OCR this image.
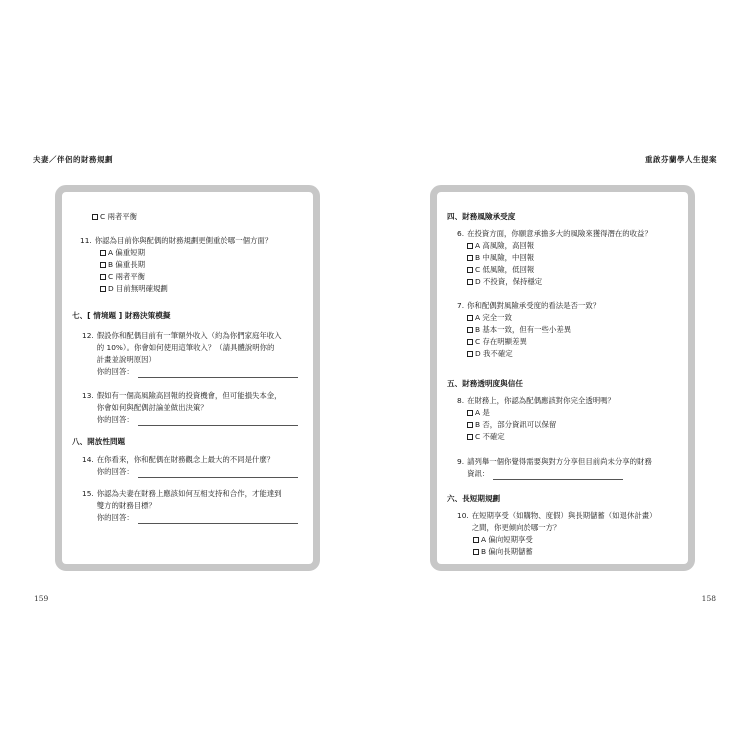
夫妻／伴侶的財務規劃	重啟芬蘭學人生提案
C 兩者平衡
11. 你認為目前你與配偶的財務規劃更側重於哪一個方面？
A 偏重短期
B 偏重長期
C 兩者平衡
D 目前無明確規劃
七、[ 情境題 ] 財務決策模擬
12. 假設你和配偶目前有一筆額外收入（約為你們家庭年收入
的 10%）。你會如何使用這筆收入？（請具體說明你的
計畫並說明原因）
你的回答：
13. 假如有一個高風險高回報的投資機會，但可能損失本金，
你會如何與配偶討論並做出決策？
你的回答：
八、開放性問題
14. 在你看來，你和配偶在財務觀念上最大的不同是什麼？
你的回答：
15. 你認為夫妻在財務上應該如何互相支持和合作，才能達到
雙方的財務目標？
你的回答：
四、財務風險承受度
6. 在投資方面，你願意承擔多大的風險來獲得潛在的收益？
A 高風險，高回報
B 中風險，中回報
C 低風險，低回報
D 不投資，保持穩定
7. 你和配偶對風險承受度的看法是否一致？
A 完全一致
B 基本一致，但有一些小差異
C 存在明顯差異
D 我不確定
五、財務透明度與信任
8. 在財務上，你認為配偶應該對你完全透明嗎？
A 是
B 否，部分資訊可以保留
C 不確定
9. 請列舉一個你覺得需要與對方分享但目前尚未分享的財務
資訊：
六、長短期規劃
10. 在短期享受（如購物、度假）與長期儲蓄（如退休計畫）
之間，你更傾向於哪一方？
A 偏向短期享受
B 偏向長期儲蓄
159	158
